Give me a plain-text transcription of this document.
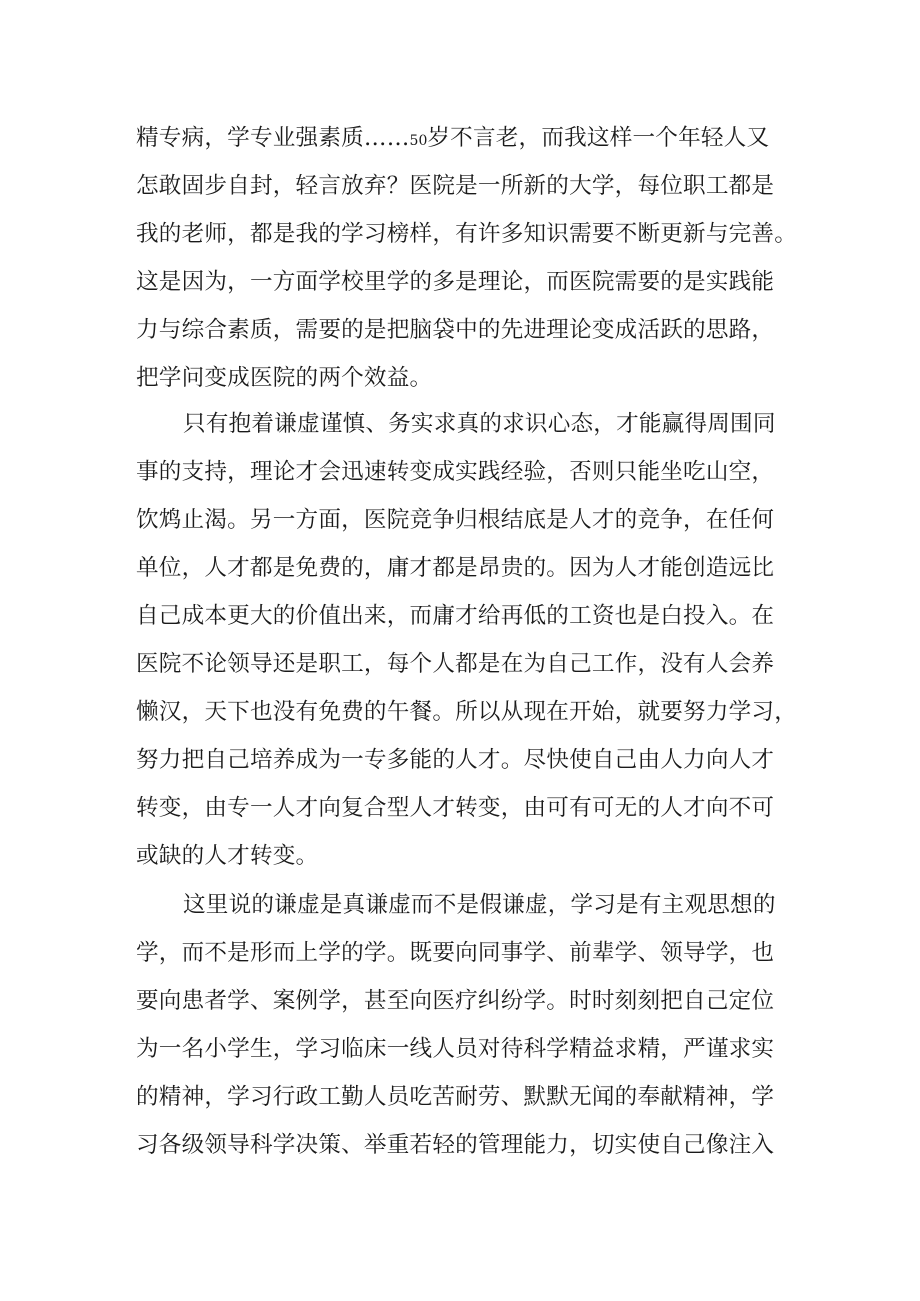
精专病，学专业强素质……50岁不言老，而我这样一个年轻人又
怎敢固步自封，轻言放弃？医院是一所新的大学，每位职工都是
我的老师，都是我的学习榜样，有许多知识需要不断更新与完善。
这是因为，一方面学校里学的多是理论，而医院需要的是实践能
力与综合素质，需要的是把脑袋中的先进理论变成活跃的思路，
把学问变成医院的两个效益。
只有抱着谦虚谨慎、务实求真的求识心态，才能赢得周围同
事的支持，理论才会迅速转变成实践经验，否则只能坐吃山空，
饮鸩止渴。另一方面，医院竞争归根结底是人才的竞争，在任何
单位，人才都是免费的，庸才都是昂贵的。因为人才能创造远比
自己成本更大的价值出来，而庸才给再低的工资也是白投入。在
医院不论领导还是职工，每个人都是在为自己工作，没有人会养
懒汉，天下也没有免费的午餐。所以从现在开始，就要努力学习，
努力把自己培养成为一专多能的人才。尽快使自己由人力向人才
转变，由专一人才向复合型人才转变，由可有可无的人才向不可
或缺的人才转变。
这里说的谦虚是真谦虚而不是假谦虚，学习是有主观思想的
学，而不是形而上学的学。既要向同事学、前辈学、领导学，也
要向患者学、案例学，甚至向医疗纠纷学。时时刻刻把自己定位
为一名小学生，学习临床一线人员对待科学精益求精，严谨求实
的精神，学习行政工勤人员吃苦耐劳、默默无闻的奉献精神，学
习各级领导科学决策、举重若轻的管理能力，切实使自己像注入
